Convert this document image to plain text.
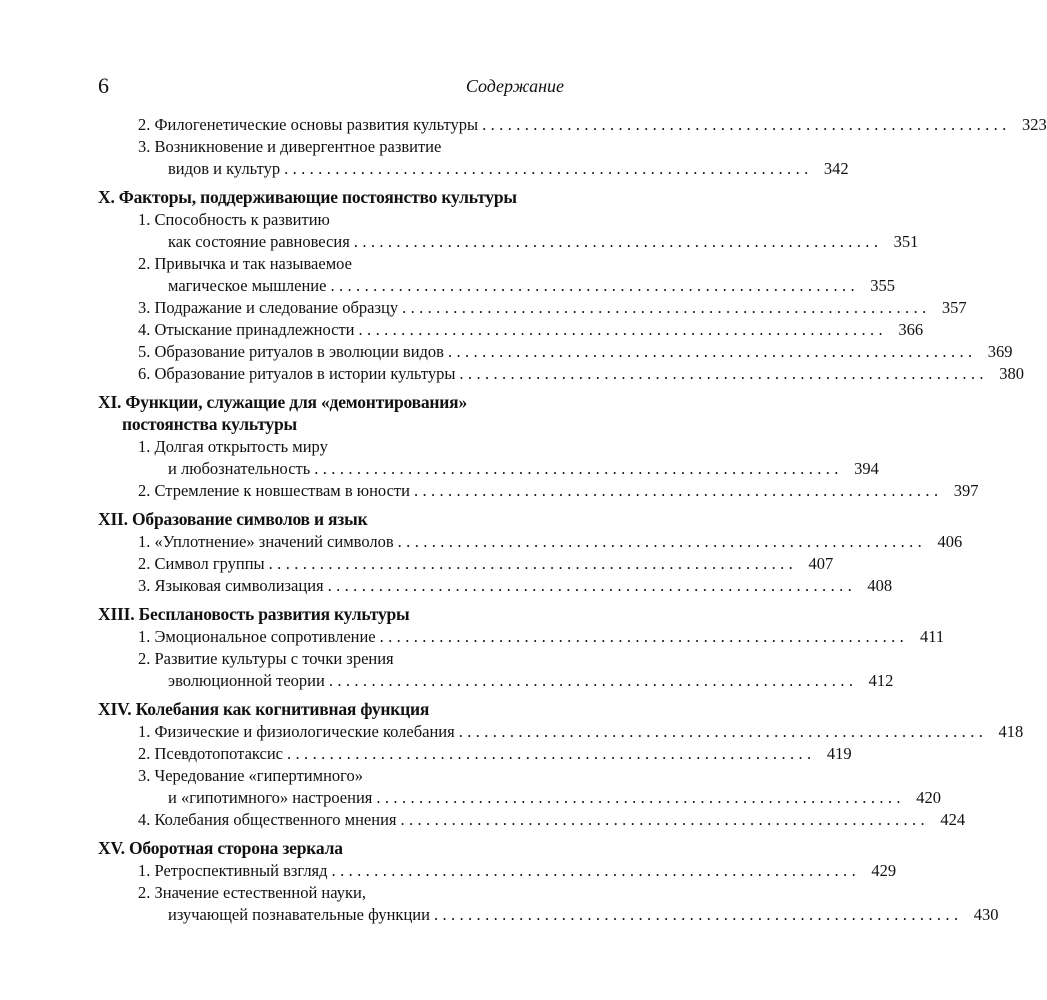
6	Содержание
2. Филогенетические основы развития культуры .............................................................. 323
3. Возникновение и дивергентное развитие
видов и культур .............................................................. 342
X. Факторы, поддерживающие постоянство культуры
1. Способность к развитию
как состояние равновесия .............................................................. 351
2. Привычка и так называемое
магическое мышление .............................................................. 355
3. Подражание и следование образцу .............................................................. 357
4. Отыскание принадлежности .............................................................. 366
5. Образование ритуалов в эволюции видов .............................................................. 369
6. Образование ритуалов в истории культуры .............................................................. 380
XI. Функции, служащие для «демонтирования»
постоянства культуры
1. Долгая открытость миру
и любознательность .............................................................. 394
2. Стремление к новшествам в юности .............................................................. 397
XII. Образование символов и язык
1. «Уплотнение» значений символов .............................................................. 406
2. Символ группы .............................................................. 407
3. Языковая символизация .............................................................. 408
XIII. Бесплановость развития культуры
1. Эмоциональное сопротивление .............................................................. 411
2. Развитие культуры с точки зрения
эволюционной теории .............................................................. 412
XIV. Колебания как когнитивная функция
1. Физические и физиологические колебания .............................................................. 418
2. Псевдотопотаксис .............................................................. 419
3. Чередование «гипертимного»
и «гипотимного» настроения .............................................................. 420
4. Колебания общественного мнения .............................................................. 424
XV. Оборотная сторона зеркала
1. Ретроспективный взгляд .............................................................. 429
2. Значение естественной науки,
изучающей познавательные функции .............................................................. 430
